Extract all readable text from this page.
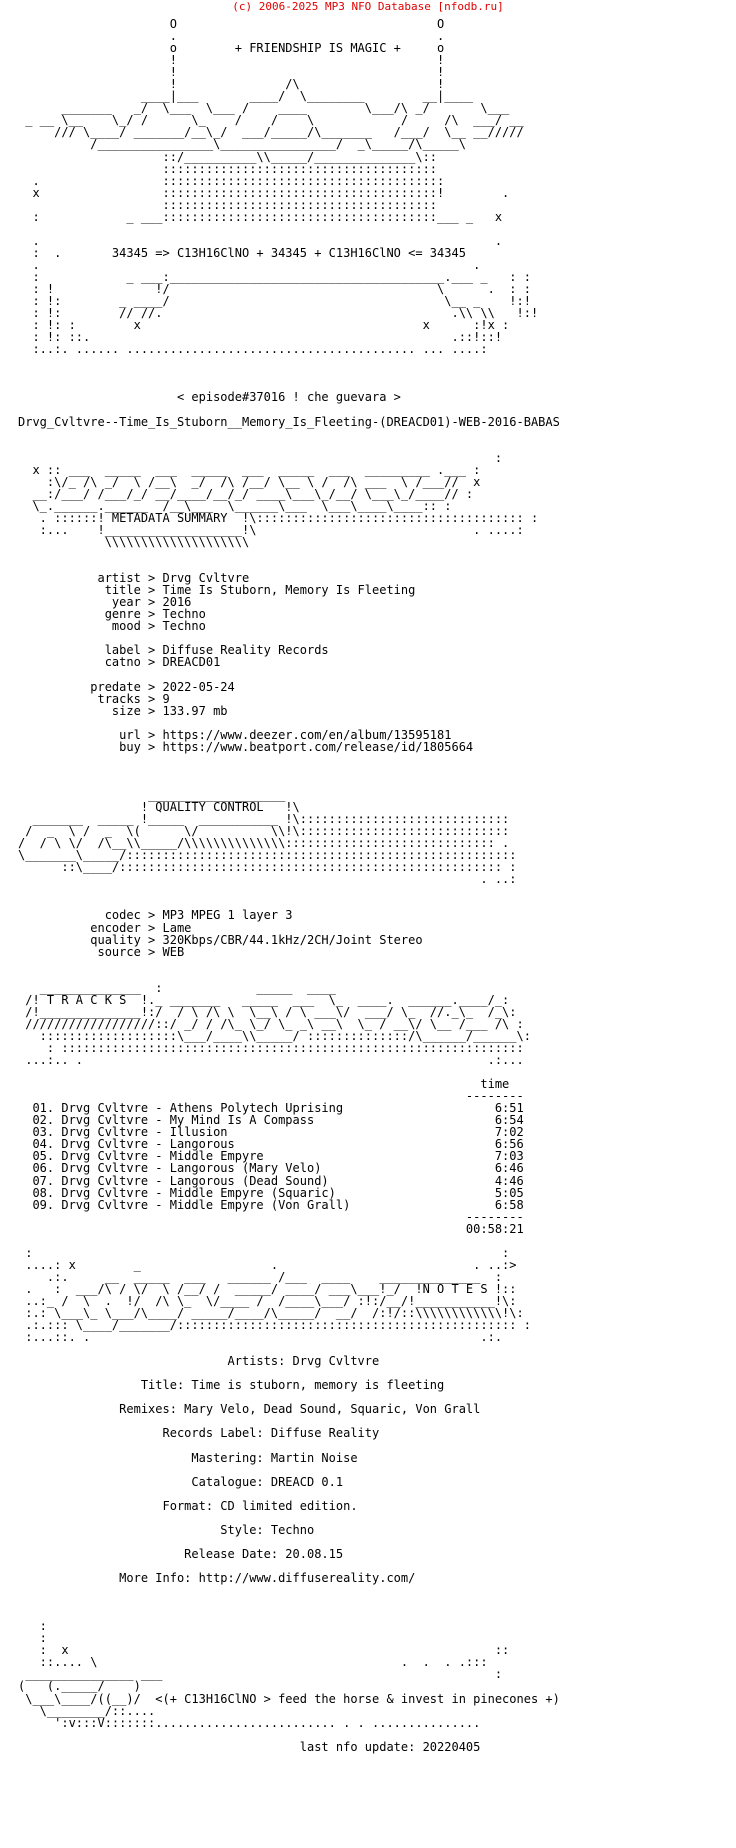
(c) 2006-2025 MP3 NFO Database [nfodb.ru]
O                                    O
.                                    .
o        + FRIENDSHIP IS MAGIC +     o
!                                    !
!                                    !
!               /\                   !
____|___       ____/  \________        __|____
_______   _/  \___  \___ /    ____        \___/\ _/       \___
_ __ \__    \_/ /      \_    /    /    \            /     /\  ___/ __
/// \____/ _______/__\_/  ___/_____/\_______   /___/  \__ __/////
/________________\________________/  _\_____/\_____\
::/__________\\_____/______________\::
::::::::::::::::::::::::::::::::::::::
.                 :::::::::::::::::::::::::::::::::::::::
x                 ::::::::::::::::::::::::::::::::::::::!        .
::::::::::::::::::::::::::::::::::::::
:            _ ___::::::::::::::::::::::::::::::::::::::___ _   x
.                                                               .
:  .       34345 => C13H16ClNO + 34345 + C13H16ClNO <= 34345
.                                                            .
:            _ ___:______________________________________.___ _   : :
: !              !/                                     \      .  : :
: !:        _ ____/                                      \__ _    !:!
: !:        // //.                                        .\\ \\   !:!
: !: :        x                                       x      :!x :
: !: ::.                                                  .::!::!
:..:. ...... ........................................ ... ....:
< episode#37016 ! che guevara >
Drvg_Cvltvre--Time_Is_Stuborn__Memory_Is_Fleeting-(DREACD01)-WEB-2016-BABAS
:
x :: ___  _____  ___  _____  ___  _____  ___  _________ .___ :
:\/_ /\ _/  \ /__\  _/  /\ /__/ \__ \ /  /\ ___  \ /___//  x
__:/___/ /___/_/ __/____/__/_/ ____\___\_/__/ \___\_/____// :
\_.______.______  /__\___  \______\___  \___\____\____:: :
. ::::::! METADATA SUMMARY  !\::::::::::::::::::::::::::::::::::::: :
:...    !___________________!\                              . ....:
\\\\\\\\\\\\\\\\\\\\
artist > Drvg Cvltvre
title > Time Is Stuborn, Memory Is Fleeting
year > 2016
genre > Techno
mood > Techno
label > Diffuse Reality Records
catno > DREACD01
predate > 2022-05-24
tracks > 9
size > 133.97 mb
url > https://www.deezer.com/en/album/13595181
buy > https://www.beatport.com/release/id/1805664
___________________
! QUALITY CONTROL   !\
_______  _____ !_____  ___________ !\:::::::::::::::::::::::::::::
/  _  \ /  _  \(      \/          \\!\:::::::::::::::::::::::::::::
/  / \ \/  /\__\\_____/\\\\\\\\\\\\\\::::::::::::::::::::::::::::: .
\_______\_____/::::::::::::::::::::::::::::::::::::::::::::::::::::::
::\____/::::::::::::::::::::::::::::::::::::::::::::::::::::: :
. ..:
codec > MP3 MPEG 1 layer 3
encoder > Lame
quality > 320Kbps/CBR/44.1kHz/2CH/Joint Stereo
source > WEB
______________  :             _____  ____
/! T R A C K S  !._ _______   _____  ___  \_  ____.  ______.____/_:
/!______________!:/  / \ /\ \  \__\ / \ ___\/  ___/ \_  //._\_  /_\:
//////////////////::/ _/ / /\_ \_/ \_ _\ __\  \_ / __\/ \__ /___ /\ :
:::::::::::::::::::\___/____\\_____/ ::::::::::::::/\______/______\:
: ::::::::::::::::::::::::::::::::::::::::::::::::::::::::::::::::
...:.. .                                                        .:...
time
--------
01. Drvg Cvltvre - Athens Polytech Uprising                     6:51
02. Drvg Cvltvre - My Mind Is A Compass                         6:54
03. Drvg Cvltvre - Illusion                                     7:02
04. Drvg Cvltvre - Langorous                                    6:56
05. Drvg Cvltvre - Middle Empyre                                7:03
06. Drvg Cvltvre - Langorous (Mary Velo)                        6:46
07. Drvg Cvltvre - Langorous (Dead Sound)                       4:46
08. Drvg Cvltvre - Middle Empyre (Squaric)                      5:05
09. Drvg Cvltvre - Middle Empyre (Von Grall)                    6:58
--------
00:58:21
:                                                                 :
....: x        _                  .                           . ..:>
.:.     __  _____  ___   ______ /___  ____    ______________  :
.   :  ___/\ / \/  \ /__/ /  _____/ ____/ ___\___!_/  !N O T E S !::
..:_ /  \  .  !/  /\ \_  \/____ /  /____\___/ :!:/__/!___________!\:
:.: \___\_ \___/\____/ _____/____/\_____/  __/  /:!/::\\\\\\\\\\\\!\:
.:.::: \____/_______/::::::::::::::::::::::::::::::::::::::::::::::: :
:...::. .                                                      .:.
Artists: Drvg Cvltvre
Title: Time is stuborn, memory is fleeting
Remixes: Mary Velo, Dead Sound, Squaric, Von Grall
Records Label: Diffuse Reality
Mastering: Martin Noise
Catalogue: DREACD 0.1
Format: CD limited edition.
Style: Techno
Release Date: 20.08.15
More Info: http://www.diffusereality.com/
:
:
:  x                                                           ::
::.... \                                          .  .  . .:::
_______________ ___                                              :
(   (._____/    )
\___\____/((__)/  <(+ C13H16ClNO > feed the horse & invest in pinecones +)
\________/::....
':v:::V:::::::......................... . . ...............
last nfo update: 20220405
